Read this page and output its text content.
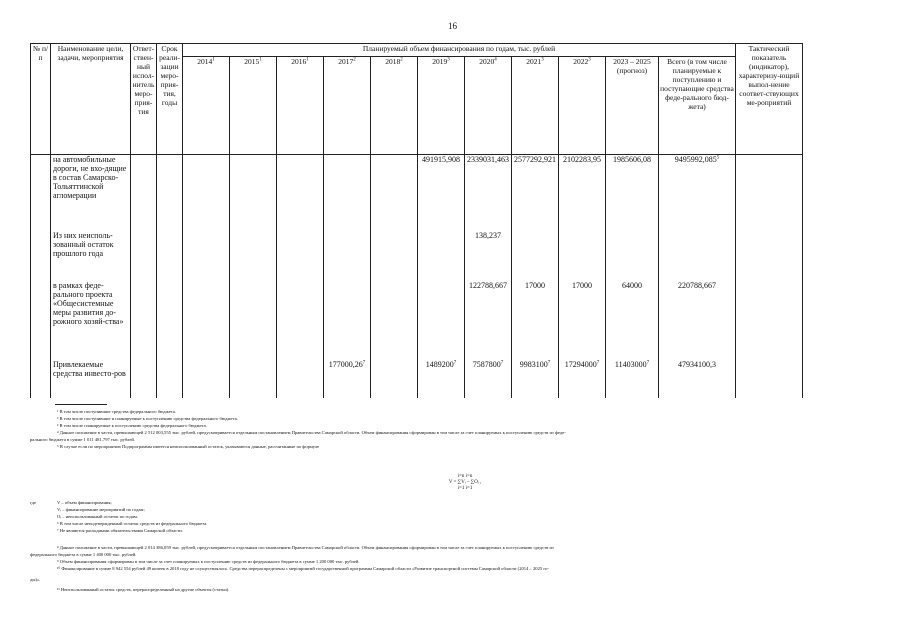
16
№ п/п	Наименование цели, задачи, мероприятия	Ответ-ствен-ный испол-нитель меро-прия-тия	Срок реали-зации меро-прия-тия, годы	Планируемый объем финансирования по годам, тыс. рублей											Тактический показатель (индикатор), характеризу-ющий выпол-нение соответ-ствующих ме-роприятий
				2014$^1$	2015$^1$	2016$^1$	2017$^2$	2018$^2$	2019$^3$	2020$^4$	2021$^3$	2022$^3$	2023 – 2025 (прогноз)	Всего (в том числе планируемые к поступлению и поступающие средства феде-рального бюд-жета)	
	на автомобильные дороги, не вхо-дящие в состав Самарско-Тольяттинской агломерации								491915,908	2339031,463	2577292,921	2102283,95	1985606,08	9495992,085$^5$	
	Из них неисполь-зованный остаток прошлого года									138,237					
	в рамках феде-рального проекта «Общесистемные меры развития до-рожного хозяй-ства»									122788,667	17000	17000	64000	220788,667	
	Привлекаемые средства инвесто-ров						177000,26$^7$		1489200$^7$	7587800$^7$	9983100$^7$	17294000$^7$	11403000$^7$	47934100,3	
¹ В том числе поступившие средства федерального бюджета.
² В том числе поступившие и планируемые к поступлению средства федерального бюджета.
³ В том числе планируемые к поступлению средства федерального бюджета.
⁴ Данное положение в части, превышающей 2 512 003,555 тыс. рублей, предусматривается отдельным постановлением Правительства Самарской области. Объем финансирования сформирован в том числе за счет планируемых к поступлению средств из феде-
рального бюджета в сумме 1 011 481,797 тыс. рублей.
⁵ В случае если по мероприятию Подпрограммы имеется неиспользованный остаток, указываются данные, рассчитанные по формуле
i=n i=n
V = ∑Vᵢ – ∑Oᵢ ,
i=1 i=1
где	V – объем финансирования;
Vᵢ – финансирование мероприятий по годам;
Oᵢ – неиспользованный остаток по годам.
⁶ В том числе неподтвержденный остаток средств из федерального бюджета.
⁷ Не являются расходными обязательствами Самарской области.
⁸ Данное положение в части, превышающей 2 014 386,059 тыс. рублей, предусматривается отдельным постановлением Правительства Самарской области. Объем финансирования сформирован в том числе за счет планируемых к поступлению средств из
федерального бюджета в сумме 1 400 000 тыс. рублей.
⁹ Объем финансирования сформирован в том числе за счет планируемых к поступлению средств из федерального бюджета в сумме 1 200 000 тыс. рублей.
¹⁰ Финансирование в сумме 8 942 554 рублей 49 копеек в 2018 году не осуществлялось. Средства перераспределены с мероприятий государственной программы Самарской области «Развитие транспортной системы Самарской области (2014 – 2025 го-
ды)».
¹¹ Неиспользованный остаток средств, перераспределенный на другие объекты (статьи).
